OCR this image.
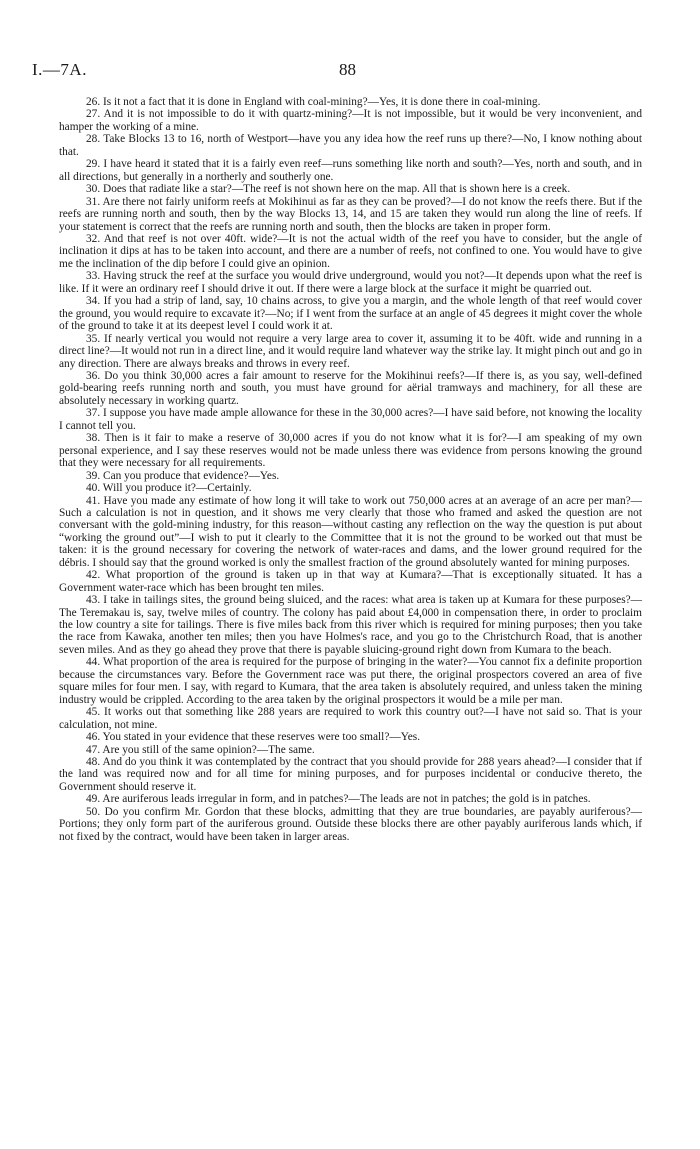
I.—7A.	88

26. Is it not a fact that it is done in England with coal-mining?—Yes, it is done there in coal-mining.

27. And it is not impossible to do it with quartz-mining?—It is not impossible, but it would be very inconvenient, and hamper the working of a mine.

28. Take Blocks 13 to 16, north of Westport—have you any idea how the reef runs up there?—No, I know nothing about that.

29. I have heard it stated that it is a fairly even reef—runs something like north and south?—Yes, north and south, and in all directions, but generally in a northerly and southerly one.

30. Does that radiate like a star?—The reef is not shown here on the map. All that is shown here is a creek.

31. Are there not fairly uniform reefs at Mokihinui as far as they can be proved?—I do not know the reefs there. But if the reefs are running north and south, then by the way Blocks 13, 14, and 15 are taken they would run along the line of reefs. If your statement is correct that the reefs are running north and south, then the blocks are taken in proper form.

32. And that reef is not over 40ft. wide?—It is not the actual width of the reef you have to consider, but the angle of inclination it dips at has to be taken into account, and there are a number of reefs, not confined to one. You would have to give me the inclination of the dip before I could give an opinion.

33. Having struck the reef at the surface you would drive underground, would you not?—It depends upon what the reef is like. If it were an ordinary reef I should drive it out. If there were a large block at the surface it might be quarried out.

34. If you had a strip of land, say, 10 chains across, to give you a margin, and the whole length of that reef would cover the ground, you would require to excavate it?—No; if I went from the surface at an angle of 45 degrees it might cover the whole of the ground to take it at its deepest level I could work it at.

35. If nearly vertical you would not require a very large area to cover it, assuming it to be 40ft. wide and running in a direct line?—It would not run in a direct line, and it would require land whatever way the strike lay. It might pinch out and go in any direction. There are always breaks and throws in every reef.

36. Do you think 30,000 acres a fair amount to reserve for the Mokihinui reefs?—If there is, as you say, well-defined gold-bearing reefs running north and south, you must have ground for aërial tramways and machinery, for all these are absolutely necessary in working quartz.

37. I suppose you have made ample allowance for these in the 30,000 acres?—I have said before, not knowing the locality I cannot tell you.

38. Then is it fair to make a reserve of 30,000 acres if you do not know what it is for?—I am speaking of my own personal experience, and I say these reserves would not be made unless there was evidence from persons knowing the ground that they were necessary for all requirements.

39. Can you produce that evidence?—Yes.

40. Will you produce it?—Certainly.

41. Have you made any estimate of how long it will take to work out 750,000 acres at an average of an acre per man?—Such a calculation is not in question, and it shows me very clearly that those who framed and asked the question are not conversant with the gold-mining industry, for this reason—without casting any reflection on the way the question is put about “working the ground out”—I wish to put it clearly to the Committee that it is not the ground to be worked out that must be taken: it is the ground necessary for covering the network of water-races and dams, and the lower ground required for the débris. I should say that the ground worked is only the smallest fraction of the ground absolutely wanted for mining purposes.

42. What proportion of the ground is taken up in that way at Kumara?—That is exceptionally situated. It has a Government water-race which has been brought ten miles.

43. I take in tailings sites, the ground being sluiced, and the races: what area is taken up at Kumara for these purposes?—The Teremakau is, say, twelve miles of country. The colony has paid about £4,000 in compensation there, in order to proclaim the low country a site for tailings. There is five miles back from this river which is required for mining purposes; then you take the race from Kawaka, another ten miles; then you have Holmes's race, and you go to the Christchurch Road, that is another seven miles. And as they go ahead they prove that there is payable sluicing-ground right down from Kumara to the beach.

44. What proportion of the area is required for the purpose of bringing in the water?—You cannot fix a definite proportion because the circumstances vary. Before the Government race was put there, the original prospectors covered an area of five square miles for four men. I say, with regard to Kumara, that the area taken is absolutely required, and unless taken the mining industry would be crippled. According to the area taken by the original prospectors it would be a mile per man.

45. It works out that something like 288 years are required to work this country out?—I have not said so. That is your calculation, not mine.

46. You stated in your evidence that these reserves were too small?—Yes.

47. Are you still of the same opinion?—The same.

48. And do you think it was contemplated by the contract that you should provide for 288 years ahead?—I consider that if the land was required now and for all time for mining purposes, and for purposes incidental or conducive thereto, the Government should reserve it.

49. Are auriferous leads irregular in form, and in patches?—The leads are not in patches; the gold is in patches.

50. Do you confirm Mr. Gordon that these blocks, admitting that they are true boundaries, are payably auriferous?—Portions; they only form part of the auriferous ground. Outside these blocks there are other payably auriferous lands which, if not fixed by the contract, would have been taken in larger areas.
